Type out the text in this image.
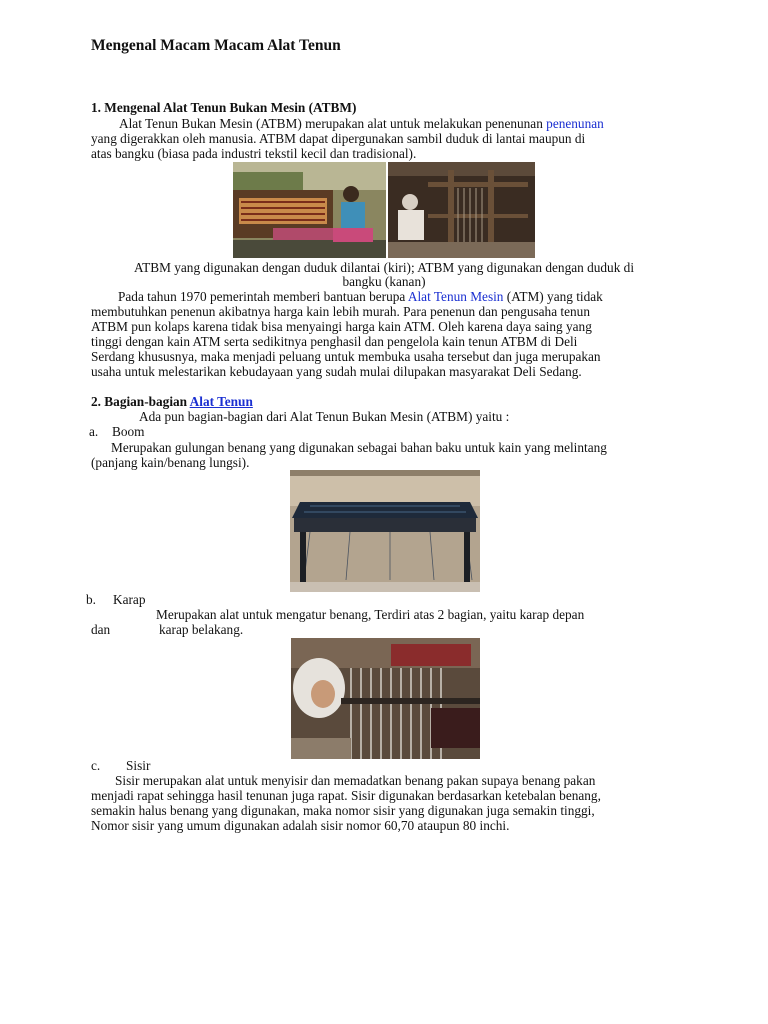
Mengenal Macam Macam Alat Tenun
1. Mengenal Alat Tenun Bukan Mesin (ATBM)
Alat Tenun Bukan Mesin (ATBM) merupakan alat untuk melakukan penenunan penenunan
yang digerakkan oleh manusia. ATBM dapat dipergunakan sambil duduk di lantai maupun di
atas bangku (biasa pada industri tekstil kecil dan tradisional).
ATBM yang digunakan dengan duduk dilantai (kiri); ATBM yang digunakan dengan duduk di
bangku (kanan)
Pada tahun 1970 pemerintah memberi bantuan berupa Alat Tenun Mesin (ATM) yang tidak
membutuhkan penenun akibatnya harga kain lebih murah. Para penenun dan pengusaha tenun
ATBM pun kolaps karena tidak bisa menyaingi harga kain ATM. Oleh karena daya saing yang
tinggi dengan kain ATM serta sedikitnya penghasil dan pengelola kain tenun ATBM di Deli
Serdang khususnya, maka menjadi peluang untuk membuka usaha tersebut dan juga merupakan
usaha untuk melestarikan kebudayaan yang sudah mulai dilupakan masyarakat Deli Sedang.
2. Bagian-bagian Alat Tenun
Ada pun bagian-bagian dari Alat Tenun Bukan Mesin (ATBM) yaitu :
a. Boom
Merupakan gulungan benang yang digunakan sebagai bahan baku untuk kain yang melintang
(panjang kain/benang lungsi).
b. Karap
Merupakan alat untuk mengatur benang, Terdiri atas 2 bagian, yaitu karap depan
dan	karap belakang.
c. Sisir
Sisir merupakan alat untuk menyisir dan memadatkan benang pakan supaya benang pakan
menjadi rapat sehingga hasil tenunan juga rapat. Sisir digunakan berdasarkan ketebalan benang,
semakin halus benang yang digunakan, maka nomor sisir yang digunakan juga semakin tinggi,
Nomor sisir yang umum digunakan adalah sisir nomor 60,70 ataupun 80 inchi.
